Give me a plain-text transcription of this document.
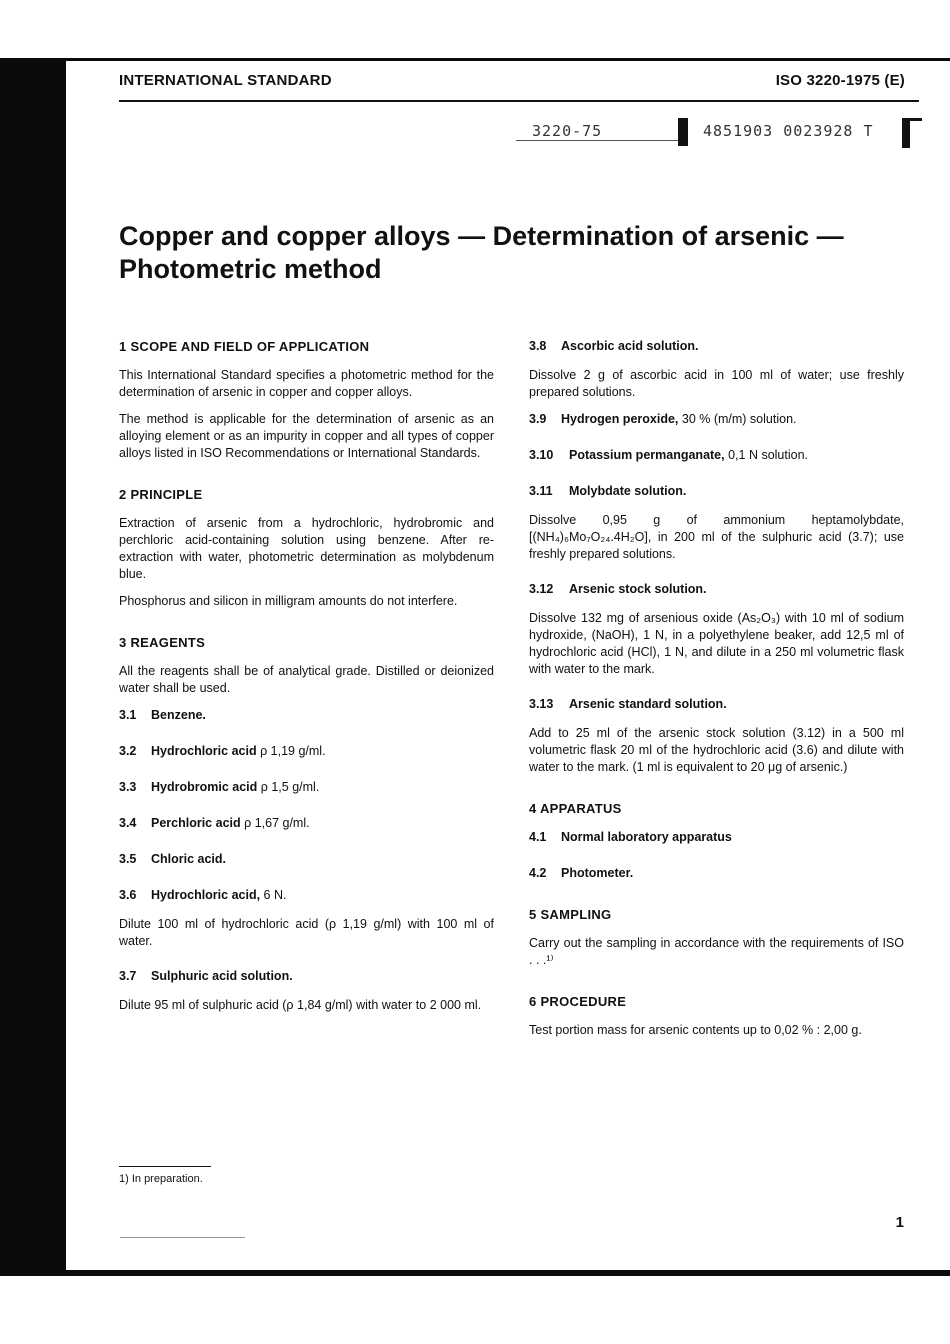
INTERNATIONAL STANDARD	ISO 3220-1975 (E)
3220-75	4851903 0023928 T
Copper and copper alloys — Determination of arsenic —
Photometric method
1 SCOPE AND FIELD OF APPLICATION

This International Standard specifies a photometric method for the determination of arsenic in copper and copper alloys.

The method is applicable for the determination of arsenic as an alloying element or as an impurity in copper and all types of copper alloys listed in ISO Recommendations or International Standards.

2 PRINCIPLE

Extraction of arsenic from a hydrochloric, hydrobromic and perchloric acid-containing solution using benzene. After re-extraction with water, photometric determination as molybdenum blue.

Phosphorus and silicon in milligram amounts do not interfere.

3 REAGENTS

All the reagents shall be of analytical grade. Distilled or deionized water shall be used.

3.1 Benzene.
3.2 Hydrochloric acid ρ 1,19 g/ml.
3.3 Hydrobromic acid ρ 1,5 g/ml.
3.4 Perchloric acid ρ 1,67 g/ml.
3.5 Chloric acid.
3.6 Hydrochloric acid, 6 N.

Dilute 100 ml of hydrochloric acid (ρ 1,19 g/ml) with 100 ml of water.

3.7 Sulphuric acid solution.

Dilute 95 ml of sulphuric acid (ρ 1,84 g/ml) with water to 2 000 ml.

3.8 Ascorbic acid solution.

Dissolve 2 g of ascorbic acid in 100 ml of water; use freshly prepared solutions.

3.9 Hydrogen peroxide, 30 % (m/m) solution.
3.10 Potassium permanganate, 0,1 N solution.
3.11 Molybdate solution.

Dissolve 0,95 g of ammonium heptamolybdate, [(NH₄)₆Mo₇O₂₄.4H₂O], in 200 ml of the sulphuric acid (3.7); use freshly prepared solutions.

3.12 Arsenic stock solution.

Dissolve 132 mg of arsenious oxide (As₂O₃) with 10 ml of sodium hydroxide, (NaOH), 1 N, in a polyethylene beaker, add 12,5 ml of hydrochloric acid (HCl), 1 N, and dilute in a 250 ml volumetric flask with water to the mark.

3.13 Arsenic standard solution.

Add to 25 ml of the arsenic stock solution (3.12) in a 500 ml volumetric flask 20 ml of the hydrochloric acid (3.6) and dilute with water to the mark. (1 ml is equivalent to 20 μg of arsenic.)

4 APPARATUS
4.1 Normal laboratory apparatus
4.2 Photometer.
5 SAMPLING

Carry out the sampling in accordance with the requirements of ISO . . .¹⁾

6 PROCEDURE

Test portion mass for arsenic contents up to 0,02 % : 2,00 g.

1) In preparation.
1
